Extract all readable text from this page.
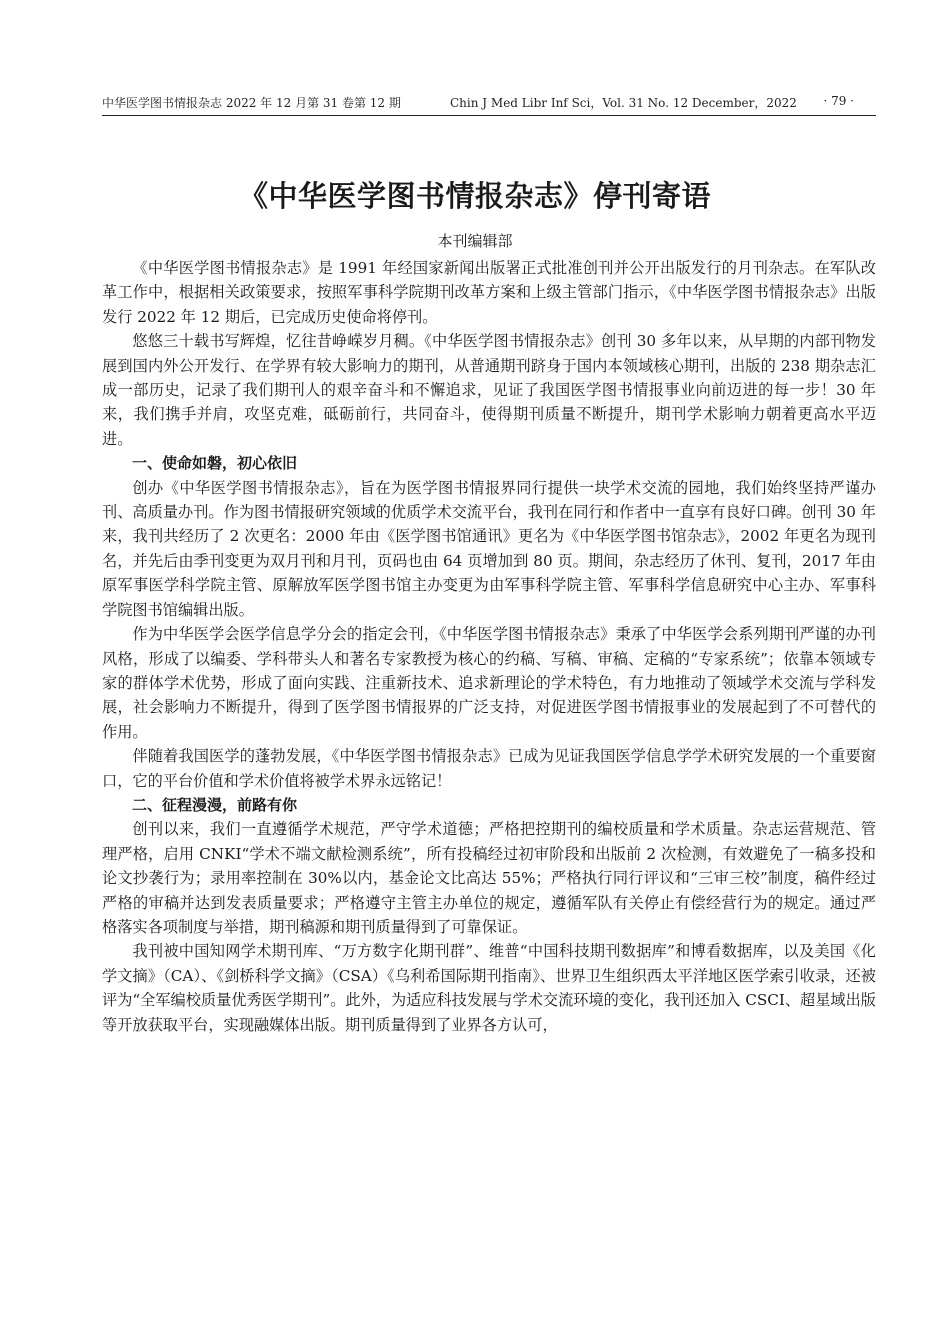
中华医学图书情报杂志 2022 年 12 月第 31 卷第 12 期	Chin J Med Libr Inf Sci，Vol. 31 No. 12 December，2022 · 79 ·
《中华医学图书情报杂志》停刊寄语
本刊编辑部

《中华医学图书情报杂志》是 1991 年经国家新闻出版署正式批准创刊并公开出版发行的月刊杂志。在军队改革工作中，根据相关政策要求，按照军事科学院期刊改革方案和上级主管部门指示，《中华医学图书情报杂志》出版发行 2022 年 12 期后，已完成历史使命将停刊。

悠悠三十载书写辉煌，忆往昔峥嵘岁月稠。《中华医学图书情报杂志》创刊 30 多年以来，从早期的内部刊物发展到国内外公开发行、在学界有较大影响力的期刊，从普通期刊跻身于国内本领域核心期刊，出版的 238 期杂志汇成一部历史，记录了我们期刊人的艰辛奋斗和不懈追求，见证了我国医学图书情报事业向前迈进的每一步！30 年来，我们携手并肩，攻坚克难，砥砺前行，共同奋斗，使得期刊质量不断提升，期刊学术影响力朝着更高水平迈进。

一、使命如磐，初心依旧

创办《中华医学图书情报杂志》，旨在为医学图书情报界同行提供一块学术交流的园地，我们始终坚持严谨办刊、高质量办刊。作为图书情报研究领域的优质学术交流平台，我刊在同行和作者中一直享有良好口碑。创刊 30 年来，我刊共经历了 2 次更名：2000 年由《医学图书馆通讯》更名为《中华医学图书馆杂志》，2002 年更名为现刊名，并先后由季刊变更为双月刊和月刊，页码也由 64 页增加到 80 页。期间，杂志经历了休刊、复刊，2017 年由原军事医学科学院主管、原解放军医学图书馆主办变更为由军事科学院主管、军事科学信息研究中心主办、军事科学院图书馆编辑出版。

作为中华医学会医学信息学分会的指定会刊，《中华医学图书情报杂志》秉承了中华医学会系列期刊严谨的办刊风格，形成了以编委、学科带头人和著名专家教授为核心的约稿、写稿、审稿、定稿的“专家系统”；依靠本领域专家的群体学术优势，形成了面向实践、注重新技术、追求新理论的学术特色，有力地推动了领域学术交流与学科发展，社会影响力不断提升，得到了医学图书情报界的广泛支持，对促进医学图书情报事业的发展起到了不可替代的作用。

伴随着我国医学的蓬勃发展，《中华医学图书情报杂志》已成为见证我国医学信息学学术研究发展的一个重要窗口，它的平台价值和学术价值将被学术界永远铭记！

二、征程漫漫，前路有你

创刊以来，我们一直遵循学术规范，严守学术道德；严格把控期刊的编校质量和学术质量。杂志运营规范、管理严格，启用 CNKI“学术不端文献检测系统”，所有投稿经过初审阶段和出版前 2 次检测，有效避免了一稿多投和论文抄袭行为；录用率控制在 30%以内，基金论文比高达 55%；严格执行同行评议和“三审三校”制度，稿件经过严格的审稿并达到发表质量要求；严格遵守主管主办单位的规定，遵循军队有关停止有偿经营行为的规定。通过严格落实各项制度与举措，期刊稿源和期刊质量得到了可靠保证。

我刊被中国知网学术期刊库、“万方数字化期刊群”、维普“中国科技期刊数据库”和博看数据库，以及美国《化学文摘》（CA）、《剑桥科学文摘》（CSA）《乌利希国际期刊指南》、世界卫生组织西太平洋地区医学索引收录，还被评为“全军编校质量优秀医学期刊”。此外，为适应科技发展与学术交流环境的变化，我刊还加入 CSCI、超星域出版等开放获取平台，实现融媒体出版。期刊质量得到了业界各方认可，
